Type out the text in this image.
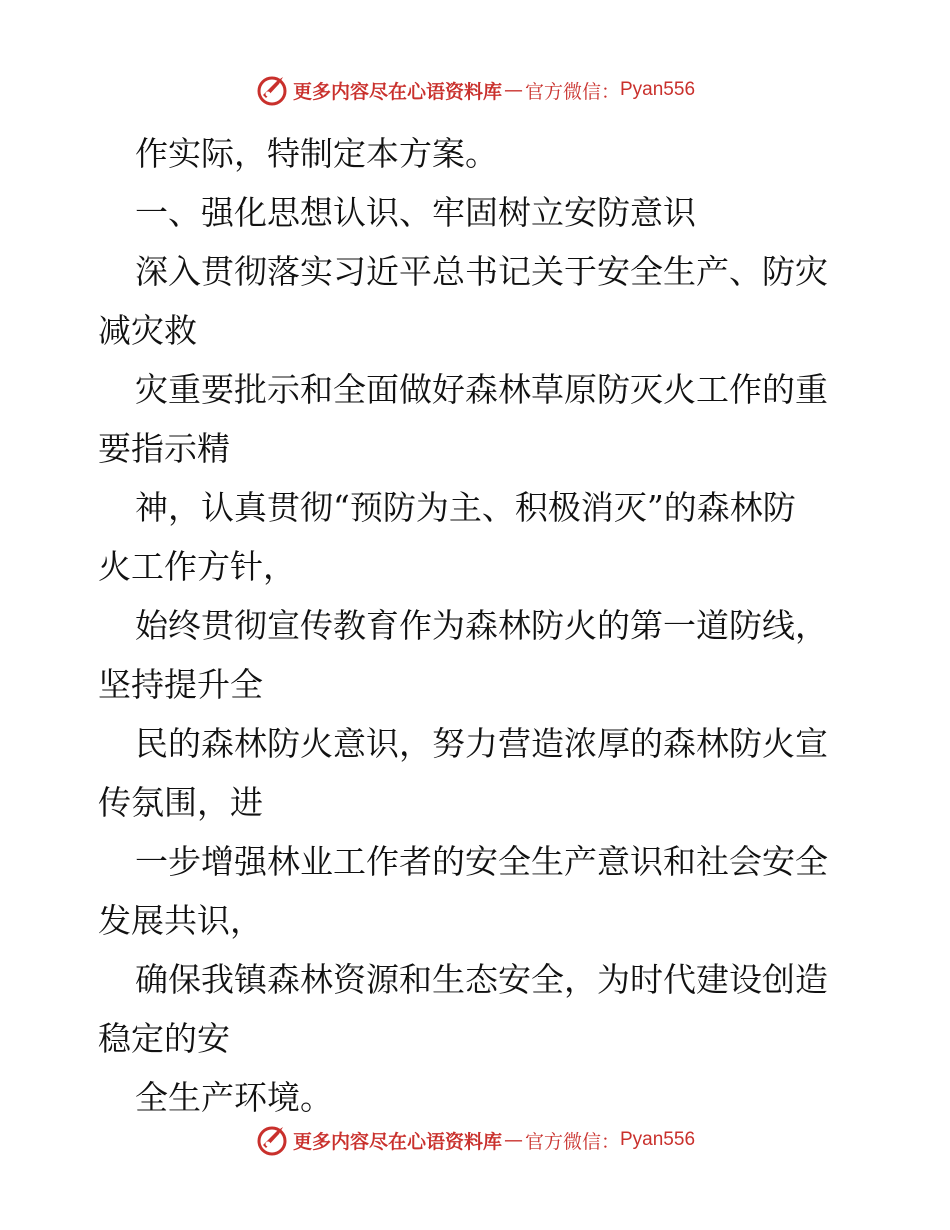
更多内容尽在心语资料库 — 官方微信： Pyan556

作实际，特制定本方案。

一、强化思想认识、牢固树立安防意识

深入贯彻落实习近平总书记关于安全生产、防灾

减灾救

灾重要批示和全面做好森林草原防灭火工作的重

要指示精

神，认真贯彻“预防为主、积极消灭”的森林防

火工作方针，

始终贯彻宣传教育作为森林防火的第一道防线，

坚持提升全

民的森林防火意识，努力营造浓厚的森林防火宣

传氛围，进

一步增强林业工作者的安全生产意识和社会安全

发展共识，

确保我镇森林资源和生态安全，为时代建设创造

稳定的安

全生产环境。

更多内容尽在心语资料库 — 官方微信： Pyan556
